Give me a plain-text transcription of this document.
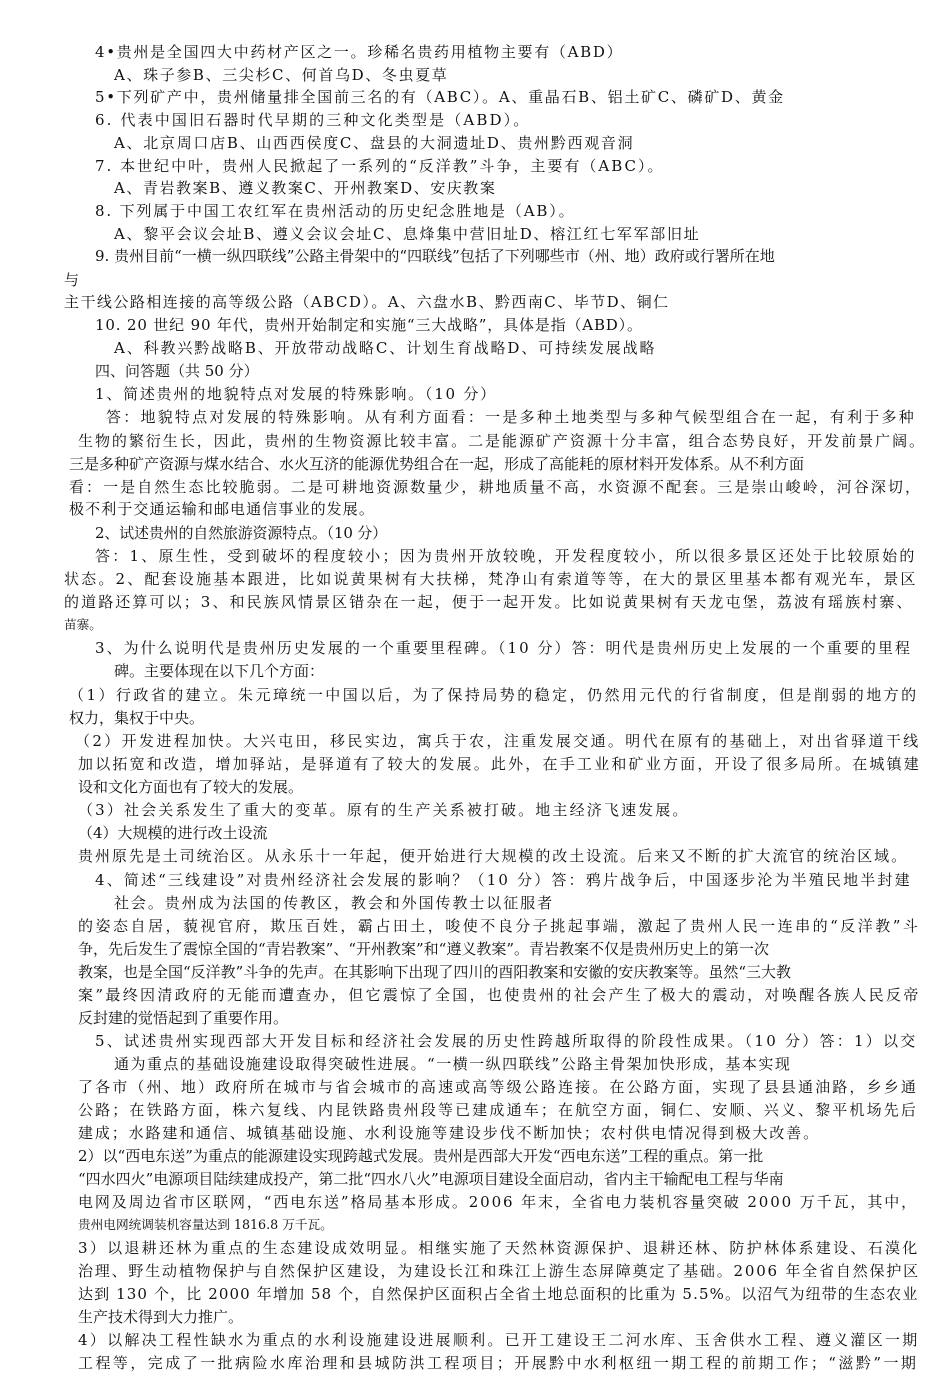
4•贵州是全国四大中药材产区之一。珍稀名贵药用植物主要有（ABD）
A、珠子参B、三尖杉C、何首乌D、冬虫夏草
5•下列矿产中，贵州储量排全国前三名的有（ABC）。A、重晶石B、铝土矿C、磷矿D、黄金
6. 代表中国旧石器时代早期的三种文化类型是（ABD）。
A、北京周口店B、山西西侯度C、盘县的大洞遗址D、贵州黔西观音洞
7. 本世纪中叶，贵州人民掀起了一系列的“反洋教”斗争，主要有（ABC）。
A、青岩教案B、遵义教案C、开州教案D、安庆教案
8. 下列属于中国工农红军在贵州活动的历史纪念胜地是（AB）。
A、黎平会议会址B、遵义会议会址C、息烽集中营旧址D、榕江红七军军部旧址
9. 贵州目前“一横一纵四联线”公路主骨架中的“四联线”包括了下列哪些市（州、地）政府或行署所在地
与
主干线公路相连接的高等级公路（ABCD）。A、六盘水B、黔西南C、毕节D、铜仁
10. 20 世纪 90 年代，贵州开始制定和实施“三大战略”，具体是指（ABD）。
A、科教兴黔战略B、开放带动战略C、计划生育战略D、可持续发展战略
四、问答题（共 50 分）
1、简述贵州的地貌特点对发展的特殊影响。（10 分）
答：地貌特点对发展的特殊影响。从有利方面看：一是多种土地类型与多种气候型组合在一起，有利于多种
生物的繁衍生长，因此，贵州的生物资源比较丰富。二是能源矿产资源十分丰富，组合态势良好，开发前景广阔。
三是多种矿产资源与煤水结合、水火互济的能源优势组合在一起，形成了高能耗的原材料开发体系。从不利方面
看：一是自然生态比较脆弱。二是可耕地资源数量少，耕地质量不高，水资源不配套。三是崇山峻岭，河谷深切，
极不利于交通运输和邮电通信事业的发展。
2、试述贵州的自然旅游资源特点。（10 分）
答：1、原生性，受到破坏的程度较小；因为贵州开放较晚，开发程度较小，所以很多景区还处于比较原始的
状态。2、配套设施基本跟进，比如说黄果树有大扶梯，梵净山有索道等等，在大的景区里基本都有观光车，景区
的道路还算可以；3、和民族风情景区错杂在一起，便于一起开发。比如说黄果树有天龙屯堡，荔波有瑶族村寨、
苗寨。
3、为什么说明代是贵州历史发展的一个重要里程碑。（10 分）答：明代是贵州历史上发展的一个重要的里程
碑。主要体现在以下几个方面：
（1）行政省的建立。朱元璋统一中国以后，为了保持局势的稳定，仍然用元代的行省制度，但是削弱的地方的
权力，集权于中央。
（2）开发进程加快。大兴屯田，移民实边，寓兵于农，注重发展交通。明代在原有的基础上，对出省驿道干线
加以拓宽和改造，增加驿站，是驿道有了较大的发展。此外，在手工业和矿业方面，开设了很多局所。在城镇建
设和文化方面也有了较大的发展。
（3）社会关系发生了重大的变革。原有的生产关系被打破。地主经济飞速发展。
（4）大规模的进行改土设流
贵州原先是土司统治区。从永乐十一年起，便开始进行大规模的改土设流。后来又不断的扩大流官的统治区域。
4、简述“三线建设”对贵州经济社会发展的影响？（10 分）答：鸦片战争后，中国逐步沦为半殖民地半封建
社会。贵州成为法国的传教区，教会和外国传教士以征服者
的姿态自居，藐视官府，欺压百姓，霸占田土，唆使不良分子挑起事端，激起了贵州人民一连串的“反洋教”斗
争，先后发生了震惊全国的“青岩教案”、“开州教案”和“遵义教案”。青岩教案不仅是贵州历史上的第一次
教案，也是全国“反洋教”斗争的先声。在其影响下出现了四川的酉阳教案和安徽的安庆教案等。虽然“三大教
案”最终因清政府的无能而遭查办，但它震惊了全国，也使贵州的社会产生了极大的震动，对唤醒各族人民反帝
反封建的觉悟起到了重要作用。
5、试述贵州实现西部大开发目标和经济社会发展的历史性跨越所取得的阶段性成果。（10 分）答：1）以交
通为重点的基础设施建设取得突破性进展。“一横一纵四联线”公路主骨架加快形成，基本实现
了各市（州、地）政府所在城市与省会城市的高速或高等级公路连接。在公路方面，实现了县县通油路，乡乡通
公路；在铁路方面，株六复线、内昆铁路贵州段等已建成通车；在航空方面，铜仁、安顺、兴义、黎平机场先后
建成；水路建和通信、城镇基础设施、水利设施等建设步伐不断加快；农村供电情况得到极大改善。
2）以“西电东送”为重点的能源建设实现跨越式发展。贵州是西部大开发“西电东送”工程的重点。第一批
“四水四火”电源项目陆续建成投产，第二批“四水八火”电源项目建设全面启动，省内主干输配电工程与华南
电网及周边省市区联网，“西电东送”格局基本形成。2006 年末，全省电力装机容量突破 2000 万千瓦，其中，
贵州电网统调装机容量达到 1816.8 万千瓦。
3）以退耕还林为重点的生态建设成效明显。相继实施了天然林资源保护、退耕还林、防护林体系建设、石漠化
治理、野生动植物保护与自然保护区建设，为建设长江和珠江上游生态屏障奠定了基础。2006 年全省自然保护区
达到 130 个，比 2000 年增加 58 个，自然保护区面积占全省土地总面积的比重为 5.5%。以沼气为纽带的生态农业
生产技术得到大力推广。
4）以解决工程性缺水为重点的水利设施建设进展顺利。已开工建设王二河水库、玉舍供水工程、遵义灌区一期
工程等，完成了一批病险水库治理和县城防洪工程项目；开展黔中水利枢纽一期工程的前期工作；“滋黔”一期
